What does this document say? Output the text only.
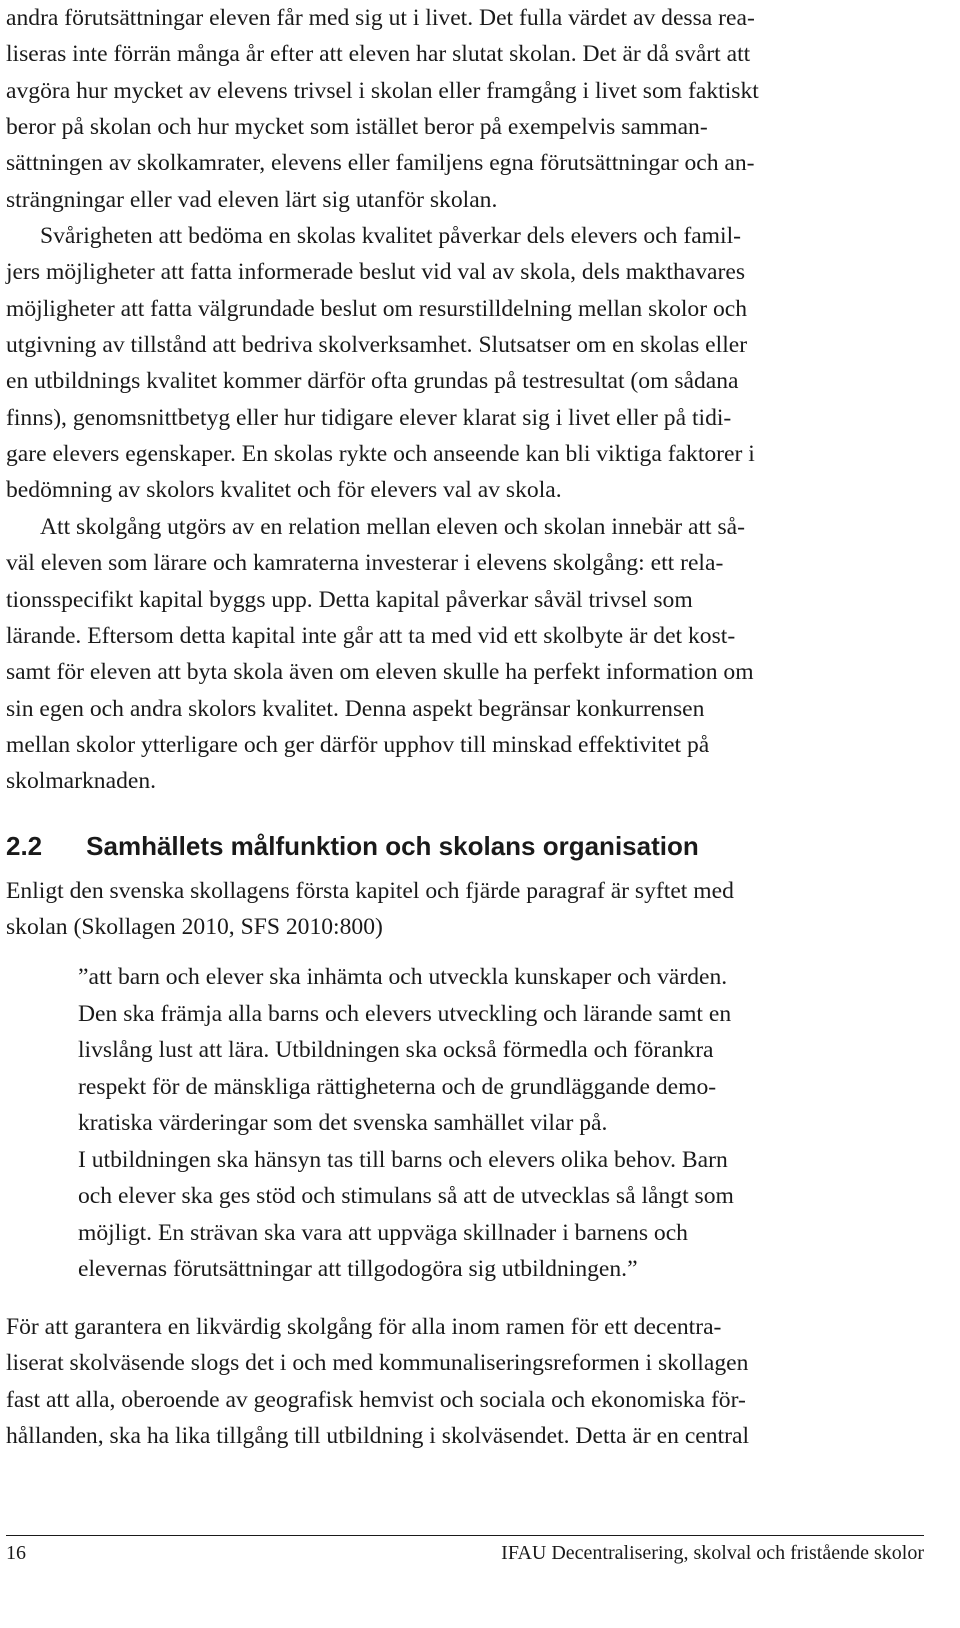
andra förutsättningar eleven får med sig ut i livet. Det fulla värdet av dessa rea-
liseras inte förrän många år efter att eleven har slutat skolan. Det är då svårt att
avgöra hur mycket av elevens trivsel i skolan eller framgång i livet som faktiskt
beror på skolan och hur mycket som istället beror på exempelvis samman-
sättningen av skolkamrater, elevens eller familjens egna förutsättningar och an-
strängningar eller vad eleven lärt sig utanför skolan.

Svårigheten att bedöma en skolas kvalitet påverkar dels elevers och famil-
jers möjligheter att fatta informerade beslut vid val av skola, dels makthavares
möjligheter att fatta välgrundade beslut om resurstilldelning mellan skolor och
utgivning av tillstånd att bedriva skolverksamhet. Slutsatser om en skolas eller
en utbildnings kvalitet kommer därför ofta grundas på testresultat (om sådana
finns), genomsnittbetyg eller hur tidigare elever klarat sig i livet eller på tidi-
gare elevers egenskaper. En skolas rykte och anseende kan bli viktiga faktorer i
bedömning av skolors kvalitet och för elevers val av skola.

Att skolgång utgörs av en relation mellan eleven och skolan innebär att så-
väl eleven som lärare och kamraterna investerar i elevens skolgång: ett rela-
tionsspecifikt kapital byggs upp. Detta kapital påverkar såväl trivsel som
lärande. Eftersom detta kapital inte går att ta med vid ett skolbyte är det kost-
samt för eleven att byta skola även om eleven skulle ha perfekt information om
sin egen och andra skolors kvalitet. Denna aspekt begränsar konkurrensen
mellan skolor ytterligare och ger därför upphov till minskad effektivitet på
skolmarknaden.

2.2 Samhällets målfunktion och skolans organisation

Enligt den svenska skollagens första kapitel och fjärde paragraf är syftet med
skolan (Skollagen 2010, SFS 2010:800)

”att barn och elever ska inhämta och utveckla kunskaper och värden.
Den ska främja alla barns och elevers utveckling och lärande samt en
livslång lust att lära. Utbildningen ska också förmedla och förankra
respekt för de mänskliga rättigheterna och de grundläggande demo-
kratiska värderingar som det svenska samhället vilar på.

I utbildningen ska hänsyn tas till barns och elevers olika behov. Barn
och elever ska ges stöd och stimulans så att de utvecklas så långt som
möjligt. En strävan ska vara att uppväga skillnader i barnens och
elevernas förutsättningar att tillgodogöra sig utbildningen.”

För att garantera en likvärdig skolgång för alla inom ramen för ett decentra-
liserat skolväsende slogs det i och med kommunaliseringsreformen i skollagen
fast att alla, oberoende av geografisk hemvist och sociala och ekonomiska för-
hållanden, ska ha lika tillgång till utbildning i skolväsendet. Detta är en central

16	IFAU Decentralisering, skolval och fristående skolor
